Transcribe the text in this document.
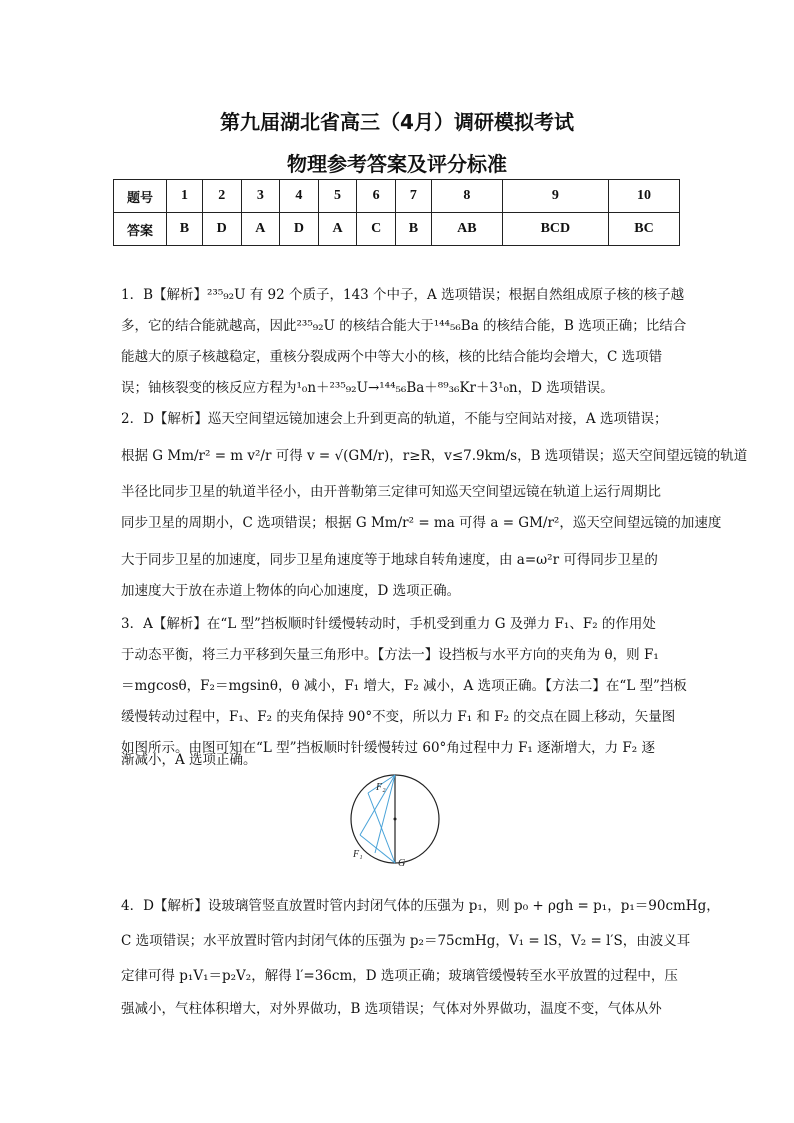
第九届湖北省高三（4月）调研模拟考试
物理参考答案及评分标准
题号	1	2	3	4	5	6	7	8	9	10
答案	B	D	A	D	A	C	B	AB	BCD	BC
1．B【解析】²³⁵₉₂U 有 92 个质子，143 个中子，A 选项错误；根据自然组成原子核的核子越
多，它的结合能就越高，因此²³⁵₉₂U 的核结合能大于¹⁴⁴₅₆Ba 的核结合能，B 选项正确；比结合
能越大的原子核越稳定，重核分裂成两个中等大小的核，核的比结合能均会增大，C 选项错
误；铀核裂变的核反应方程为¹₀n＋²³⁵₉₂U→¹⁴⁴₅₆Ba＋⁸⁹₃₆Kr＋3¹₀n，D 选项错误。
2．D【解析】巡天空间望远镜加速会上升到更高的轨道，不能与空间站对接，A 选项错误；
根据 G Mm/r² = m v²/r 可得 v = √(GM/r)，r≥R，v≤7.9km/s，B 选项错误；巡天空间望远镜的轨道
半径比同步卫星的轨道半径小，由开普勒第三定律可知巡天空间望远镜在轨道上运行周期比
同步卫星的周期小，C 选项错误；根据 G Mm/r² = ma 可得 a = GM/r²，巡天空间望远镜的加速度
大于同步卫星的加速度，同步卫星角速度等于地球自转角速度，由 a=ω²r 可得同步卫星的
加速度大于放在赤道上物体的向心加速度，D 选项正确。
3．A【解析】在“L 型”挡板顺时针缓慢转动时，手机受到重力 G 及弹力 F₁、F₂ 的作用处
于动态平衡，将三力平移到矢量三角形中。【方法一】设挡板与水平方向的夹角为 θ，则 F₁
＝mgcosθ，F₂＝mgsinθ，θ 减小，F₁ 增大，F₂ 减小，A 选项正确。【方法二】在“L 型”挡板
缓慢转动过程中，F₁、F₂ 的夹角保持 90°不变，所以力 F₁ 和 F₂ 的交点在圆上移动，矢量图
如图所示。由图可知在“L 型”挡板顺时针缓慢转过 60°角过程中力 F₁ 逐渐增大，力 F₂ 逐
渐减小，A 选项正确。
F₂
F₁
G
4．D【解析】设玻璃管竖直放置时管内封闭气体的压强为 p₁，则 p₀ + ρgh = p₁，p₁＝90cmHg，
C 选项错误；水平放置时管内封闭气体的压强为 p₂＝75cmHg，V₁ = lS，V₂ = l′S，由波义耳
定律可得 p₁V₁＝p₂V₂，解得 l′=36cm，D 选项正确；玻璃管缓慢转至水平放置的过程中，压
强减小，气柱体积增大，对外界做功，B 选项错误；气体对外界做功，温度不变，气体从外
